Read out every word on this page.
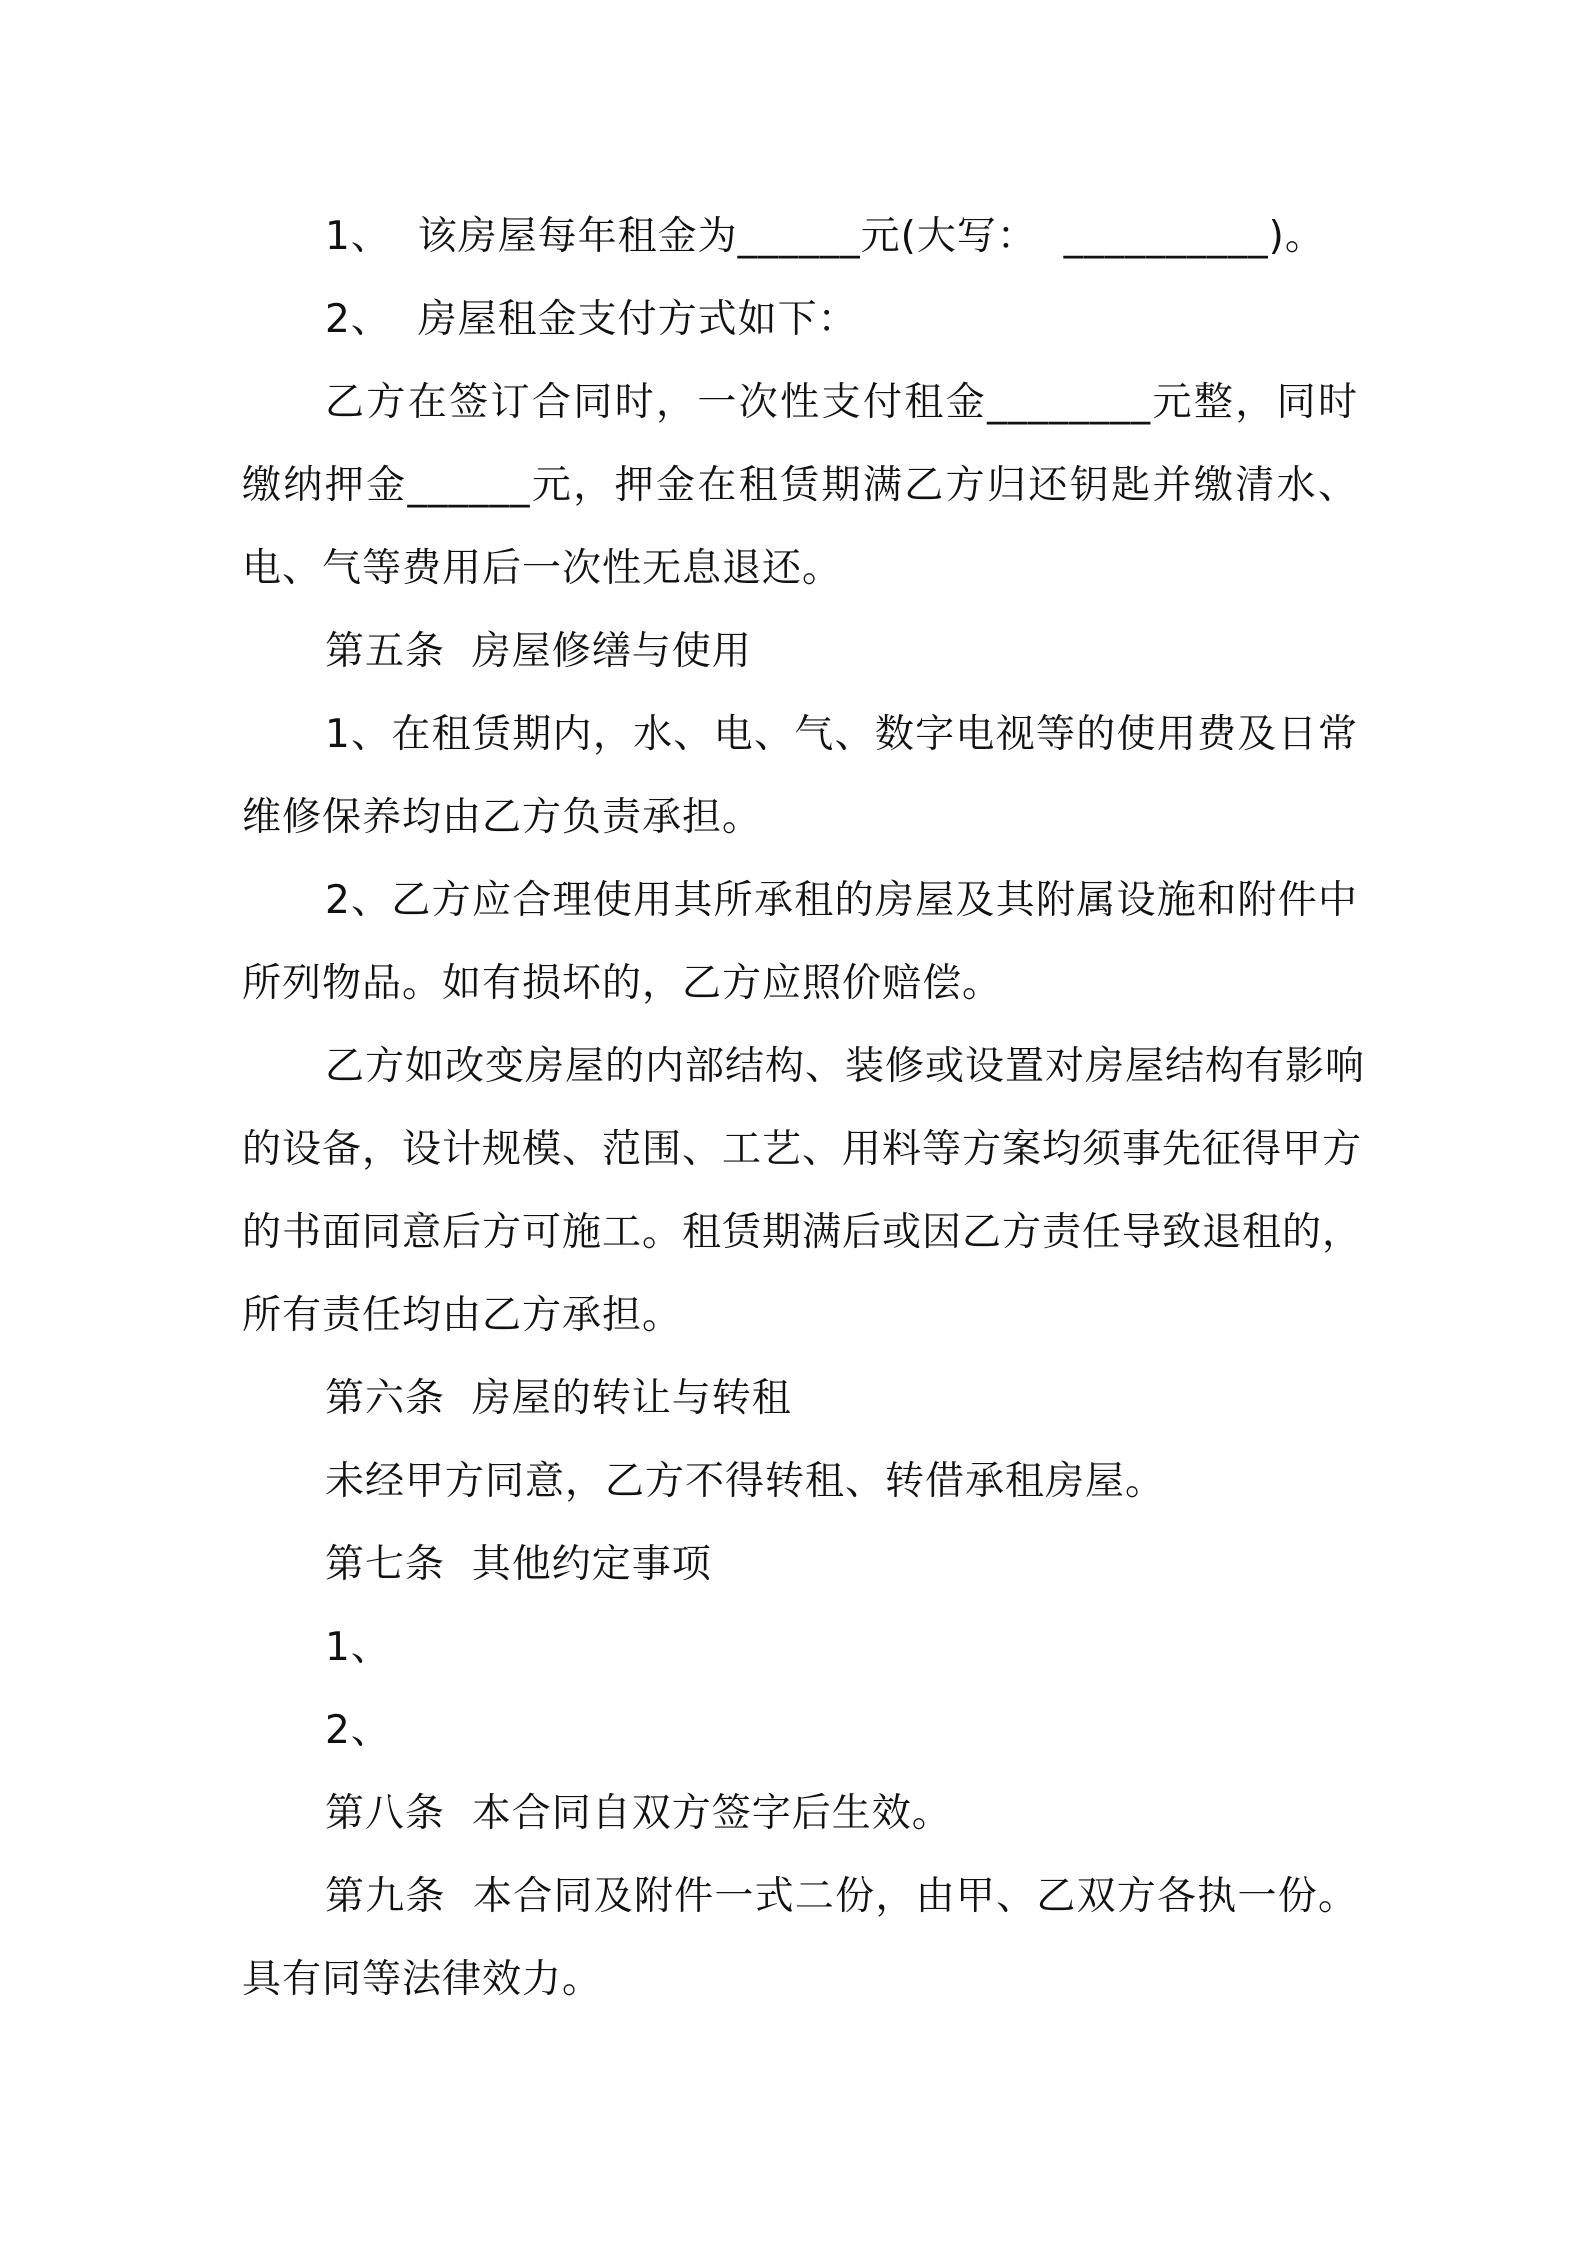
1、  该房屋每年租金为______元(大写：  __________)。
2、  房屋租金支付方式如下：
乙方在签订合同时，一次性支付租金________元整，同时
缴纳押金______元，押金在租赁期满乙方归还钥匙并缴清水、
电、气等费用后一次性无息退还。
第五条  房屋修缮与使用
1、在租赁期内，水、电、气、数字电视等的使用费及日常
维修保养均由乙方负责承担。
2、乙方应合理使用其所承租的房屋及其附属设施和附件中
所列物品。如有损坏的，乙方应照价赔偿。
乙方如改变房屋的内部结构、装修或设置对房屋结构有影响
的设备，设计规模、范围、工艺、用料等方案均须事先征得甲方
的书面同意后方可施工。租赁期满后或因乙方责任导致退租的，
所有责任均由乙方承担。
第六条  房屋的转让与转租
未经甲方同意，乙方不得转租、转借承租房屋。
第七条  其他约定事项
1、
2、
第八条  本合同自双方签字后生效。
第九条  本合同及附件一式二份，由甲、乙双方各执一份。
具有同等法律效力。
